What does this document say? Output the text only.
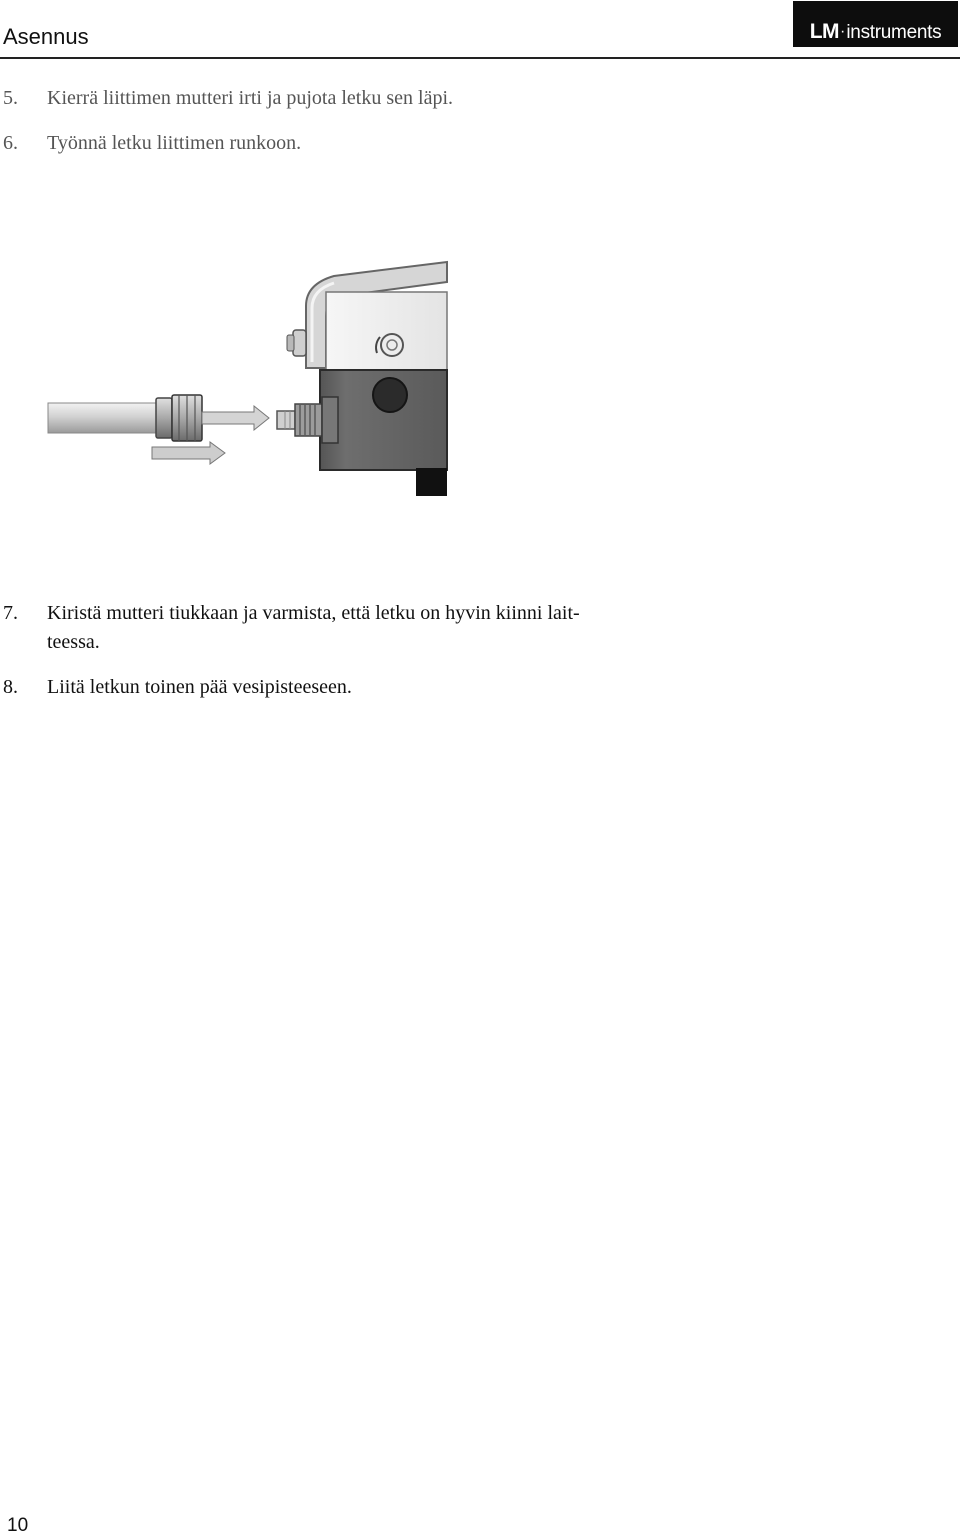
Asennus	LM · instruments
5. Kierrä liittimen mutteri irti ja pujota letku sen läpi.
6. Työnnä letku liittimen runkoon.
7. Kiristä mutteri tiukkaan ja varmista, että letku on hyvin kiinni lait-
teessa.
8. Liitä letkun toinen pää vesipisteeseen.
10
